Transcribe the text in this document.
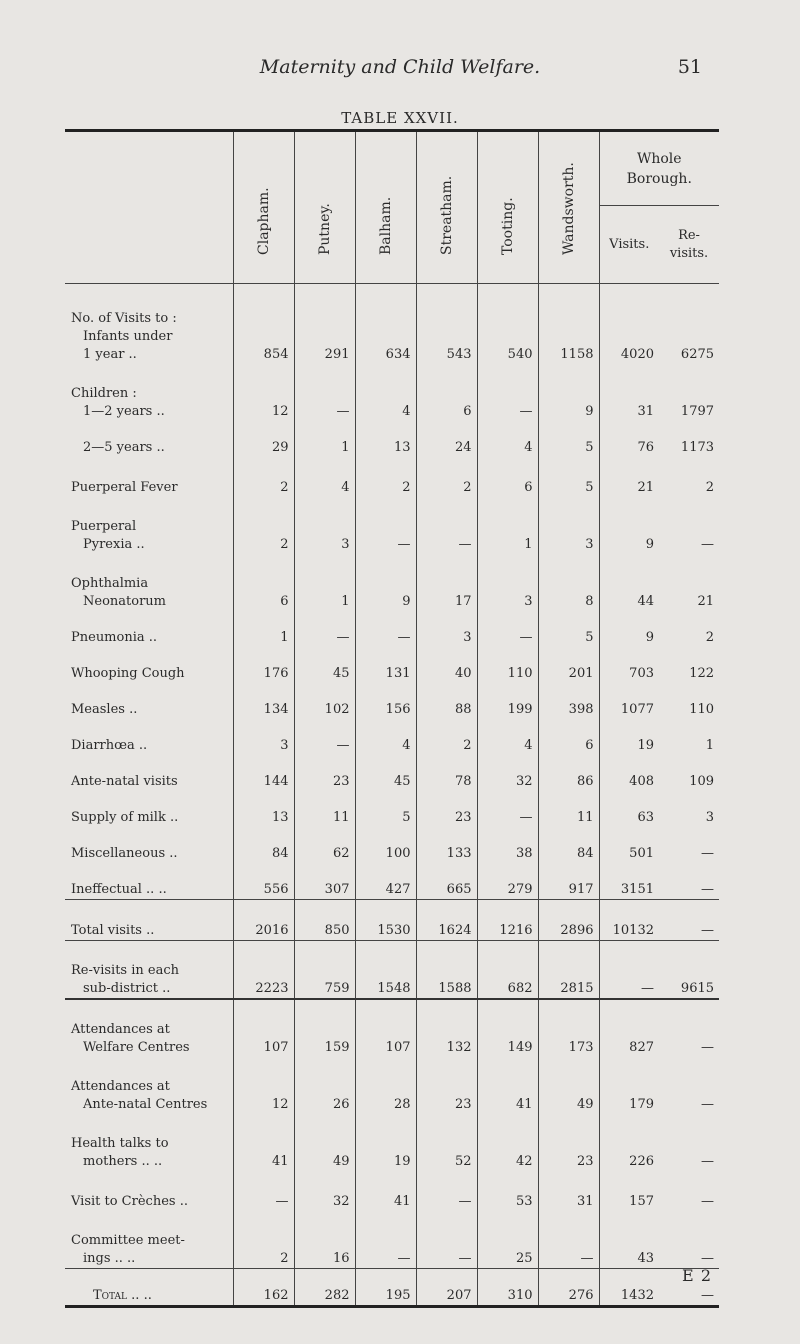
Maternity and Child Welfare.	51
TABLE XXVII.

	Clapham.	Putney.	Balham.	Streatham.	Tooting.	Wandsworth.	Whole
Borough.	
							Visits.	Re-
visits.

No. of Visits to :
Infants under
1 year ..	854	291	634	543	540	1158	4020	6275

Children :
1—2 years ..	12	—	4	6	—	9	31	1797

2—5 years ..	29	1	13	24	4	5	76	1173

Puerperal Fever	2	4	2	2	6	5	21	2

Puerperal
Pyrexia ..	2	3	—	—	1	3	9	—

Ophthalmia
Neonatorum	6	1	9	17	3	8	44	21

Pneumonia ..	1	—	—	3	—	5	9	2

Whooping Cough	176	45	131	40	110	201	703	122

Measles ..	134	102	156	88	199	398	1077	110

Diarrhœa ..	3	—	4	2	4	6	19	1

Ante-natal visits	144	23	45	78	32	86	408	109

Supply of milk ..	13	11	5	23	—	11	63	3

Miscellaneous ..	84	62	100	133	38	84	501	—

Ineffectual .. ..	556	307	427	665	279	917	3151	—

Total visits ..	2016	850	1530	1624	1216	2896	10132	—

Re-visits in each
sub-district ..	2223	759	1548	1588	682	2815	—	9615

Attendances at
Welfare Centres	107	159	107	132	149	173	827	—

Attendances at
Ante-natal Centres	12	26	28	23	41	49	179	—

Health talks to
mothers .. ..	41	49	19	52	42	23	226	—

Visit to Crèches ..	—	32	41	—	53	31	157	—

Committee meet-
ings .. ..	2	16	—	—	25	—	43	—

Total .. ..	162	282	195	207	310	276	1432	—
E 2
